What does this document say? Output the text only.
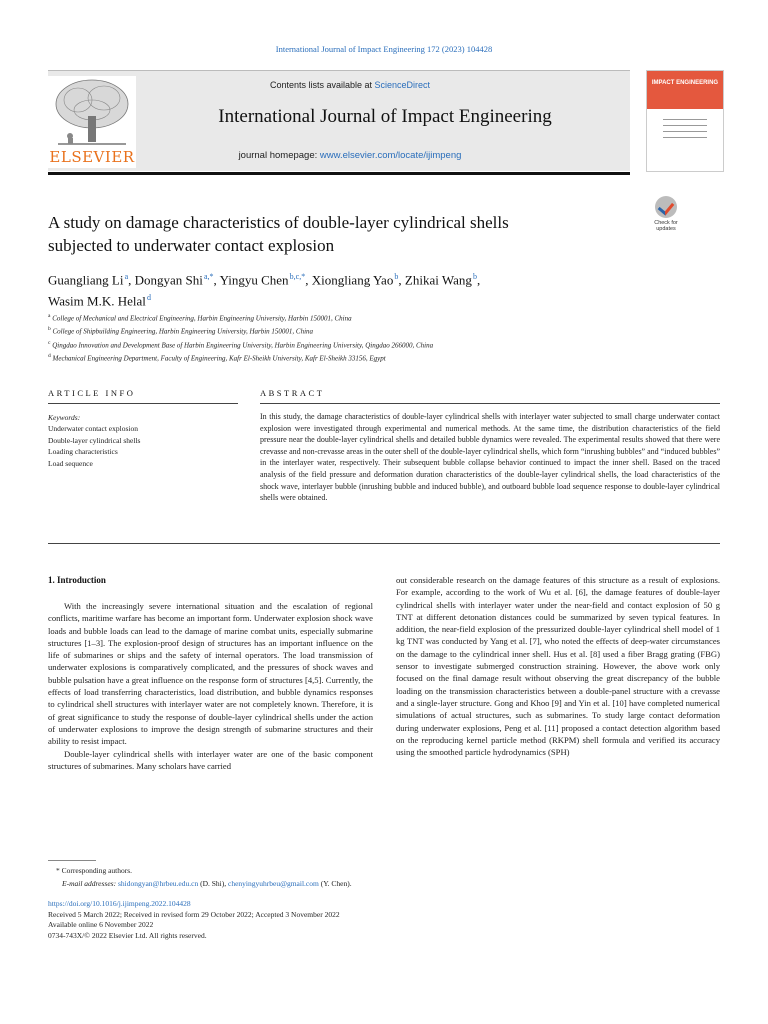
International Journal of Impact Engineering 172 (2023) 104428
ELSEVIER
Contents lists available at ScienceDirect
International Journal of Impact Engineering
journal homepage: www.elsevier.com/locate/ijimpeng
IMPACT ENGINEERING
A study on damage characteristics of double-layer cylindrical shells
subjected to underwater contact explosion
Check for updates
Guangliang Li $^a$, Dongyan Shi $^{a,*}$, Yingyu Chen $^{b,c,*}$, Xiongliang Yao $^b$, Zhikai Wang $^b$,
Wasim M.K. Helal $^d$
$^a$ College of Mechanical and Electrical Engineering, Harbin Engineering University, Harbin 150001, China
$^b$ College of Shipbuilding Engineering, Harbin Engineering University, Harbin 150001, China
$^c$ Qingdao Innovation and Development Base of Harbin Engineering University, Harbin Engineering University, Qingdao 266000, China
$^d$ Mechanical Engineering Department, Faculty of Engineering, Kafr El-Sheikh University, Kafr El-Sheikh 33156, Egypt
ARTICLE INFO	ABSTRACT
Keywords:
Underwater contact explosion
Double-layer cylindrical shells
Loading characteristics
Load sequence
In this study, the damage characteristics of double-layer cylindrical shells with interlayer water subjected to small charge underwater contact explosion were investigated through experimental and numerical methods. At the same time, the distribution characteristics of the field pressure near the double-layer cylindrical shells and detailed bubble dynamics were revealed. The experimental results showed that there were crevasse and non-crevasse areas in the outer shell of the double-layer cylindrical shells, which form “inrushing bubbles” and “induced bubbles” in the interlayer water, respectively. Their subsequent bubble collapse behavior continued to impact the inner shell. Based on the traced analysis of the field pressure and deformation duration characteristics of the double-layer cylindrical shells, the load characteristics of the shock wave, interlayer bubble (inrushing bubble and induced bubble), and outboard bubble load sequence response to double-layer cylindrical shells were obtained.
1. Introduction

With the increasingly severe international situation and the escalation of regional conflicts, maritime warfare has become an important form. Underwater explosion shock wave loads and bubble loads can lead to the damage of marine combat units, especially submarine structures [1–3]. The explosion-proof design of structures has an important influence on the life of submarines or ships and the safety of internal operators. The load transmission of underwater explosions is comparatively complicated, and the pressures of shock waves and bubble pulsation have a great influence on the response form of structures [4,5]. Currently, the effects of load transferring characteristics, load distribution, and bubble dynamics responses to cylindrical shell structures with interlayer water are not completely known. Therefore, it is of great significance to study the response of double-layer cylindrical shells under the action of underwater explosions to improve the design strength of submarine structures and their ability to resist impact.

Double-layer cylindrical shells with interlayer water are one of the basic component structures of submarines. Many scholars have carried

out considerable research on the damage features of this structure as a result of explosions. For example, according to the work of Wu et al. [6], the damage features of double-layer cylindrical shells with interlayer water under the near-field and contact explosion of 50 g TNT at different detonation distances could be summarized by seven typical features. In addition, the near-field explosion of the pressurized double-layer cylindrical shell model of 1 kg TNT was conducted by Yang et al. [7], who noted the effects of deep-water circumstances on the damage to the cylindrical inner shell. Hus et al. [8] used a fiber Bragg grating (FBG) sensor to investigate submerged construction straining. However, the above work only focused on the final damage result without observing the great discrepancy of the bubble loading on the transmission characteristics between a double-panel structure with a crevasse and a single-layer structure. Gong and Khoo [9] and Yin et al. [10] have completed numerical simulations of actual structures, such as submarines. To study large contact deformation during underwater explosions, Peng et al. [11] proposed a contact detection algorithm based on the reproducing kernel particle method (RKPM) shell formula and verified its accuracy using the smoothed particle hydrodynamics (SPH)

* Corresponding authors.
E-mail addresses: shidongyan@hrbeu.edu.cn (D. Shi), chenyingyuhrbeu@gmail.com (Y. Chen).
https://doi.org/10.1016/j.ijimpeng.2022.104428
Received 5 March 2022; Received in revised form 29 October 2022; Accepted 3 November 2022
Available online 6 November 2022
0734-743X/© 2022 Elsevier Ltd. All rights reserved.
